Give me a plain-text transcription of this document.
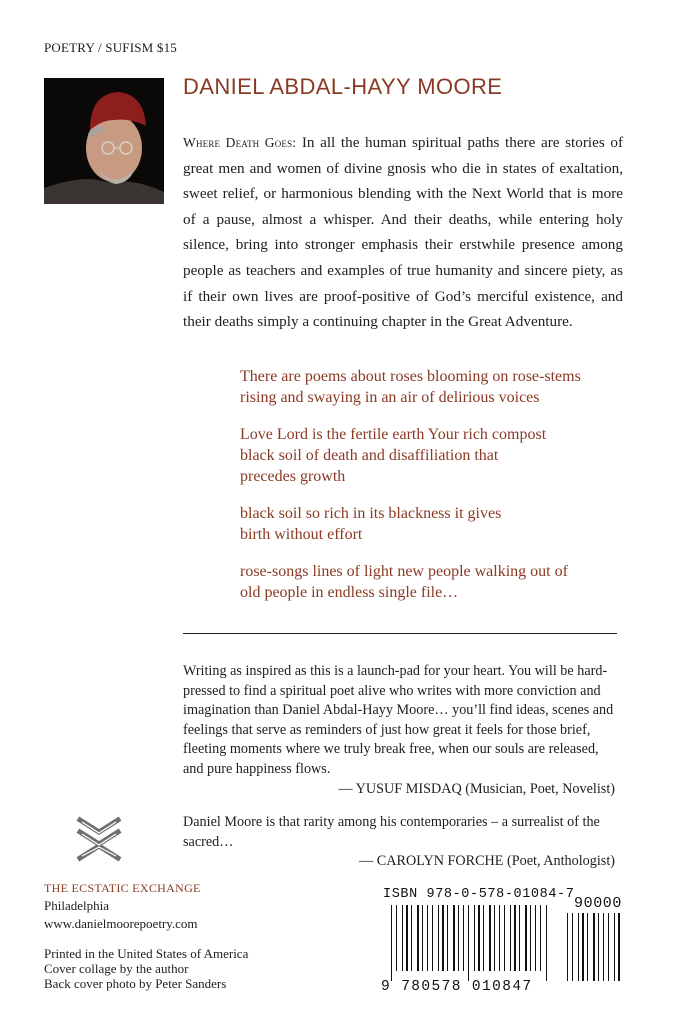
POETRY / SUFISM $15
DANIEL ABDAL-HAYY MOORE
Where Death Goes: In all the human spiritual paths there are stories of great men and women of divine gnosis who die in states of exaltation, sweet relief, or harmonious blending with the Next World that is more of a pause, almost a whisper. And their deaths, while entering holy silence, bring into stronger emphasis their erstwhile presence among people as teachers and examples of true humanity and sincere piety, as if their own lives are proof-positive of God’s merciful existence, and their deaths simply a continuing chapter in the Great Adventure.
There are poems about roses blooming on rose-stems
rising and swaying in an air of delirious voices
Love Lord is the fertile earth Your rich compost
black soil of death and disaffiliation that
precedes growth
black soil so rich in its blackness it gives
birth without effort
rose-songs lines of light new people walking out of
old people in endless single file…
Writing as inspired as this is a launch-pad for your heart. You will be hard-pressed to find a spiritual poet alive who writes with more conviction and imagination than Daniel Abdal-Hayy Moore… you’ll find ideas, scenes and feelings that serve as reminders of just how great it feels for those brief, fleeting moments where we truly break free, when our souls are released, and pure happiness flows.
— YUSUF MISDAQ (Musician, Poet, Novelist)
Daniel Moore is that rarity among his contemporaries – a surrealist of the sacred…
— CAROLYN FORCHE (Poet, Anthologist)
THE ECSTATIC EXCHANGE
Philadelphia
www.danielmoorepoetry.com
Printed in the United States of America
Cover collage by the author
Back cover photo by Peter Sanders
ISBN 978-0-578-01084-7
90000
9 780578 010847
